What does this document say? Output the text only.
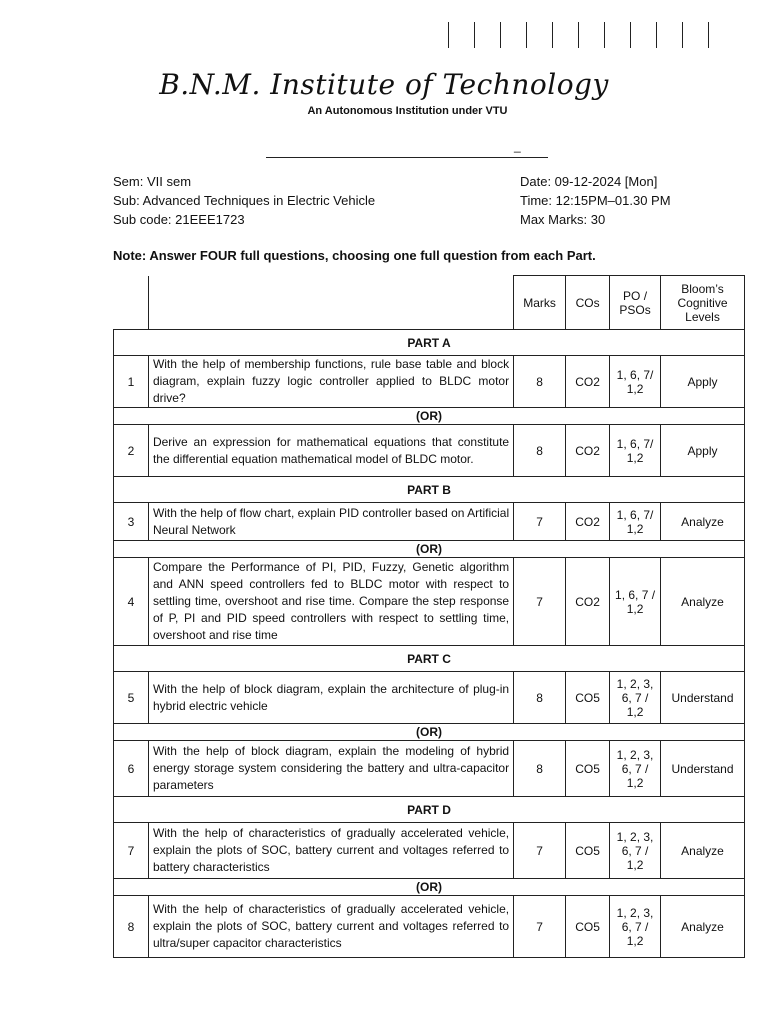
B.N.M. Institute of Technology
An Autonomous Institution under VTU
_
Sem: VII sem
Sub: Advanced Techniques in Electric Vehicle
Sub code: 21EEE1723
Date: 09-12-2024 [Mon]
Time: 12:15PM–01.30 PM
Max Marks: 30
Note: Answer FOUR full questions, choosing one full question from each Part.
		Marks	COs	PO / PSOs	Bloom’s Cognitive Levels
PART A					
1	With the help of membership functions, rule base table and block diagram, explain fuzzy logic controller applied to BLDC motor drive?	8	CO2	1, 6, 7/ 1,2	Apply
(OR)					
2	Derive an expression for mathematical equations that constitute the differential equation mathematical model of BLDC motor.	8	CO2	1, 6, 7/ 1,2	Apply
PART B					
3	With the help of flow chart, explain PID controller based on Artificial Neural Network	7	CO2	1, 6, 7/ 1,2	Analyze
(OR)					
4	Compare the Performance of PI, PID, Fuzzy, Genetic algorithm and ANN speed controllers fed to BLDC motor with respect to settling time, overshoot and rise time. Compare the step response of P, PI and PID speed controllers with respect to settling time, overshoot and rise time	7	CO2	1, 6, 7 / 1,2	Analyze
PART C					
5	With the help of block diagram, explain the architecture of plug-in hybrid electric vehicle	8	CO5	1, 2, 3, 6, 7 / 1,2	Understand
(OR)					
6	With the help of block diagram, explain the modeling of hybrid energy storage system considering the battery and ultra-capacitor parameters	8	CO5	1, 2, 3, 6, 7 / 1,2	Understand
PART D					
7	With the help of characteristics of gradually accelerated vehicle, explain the plots of SOC, battery current and voltages referred to battery characteristics	7	CO5	1, 2, 3, 6, 7 / 1,2	Analyze
(OR)					
8	With the help of characteristics of gradually accelerated vehicle, explain the plots of SOC, battery current and voltages referred to ultra/super capacitor characteristics	7	CO5	1, 2, 3, 6, 7 / 1,2	Analyze
